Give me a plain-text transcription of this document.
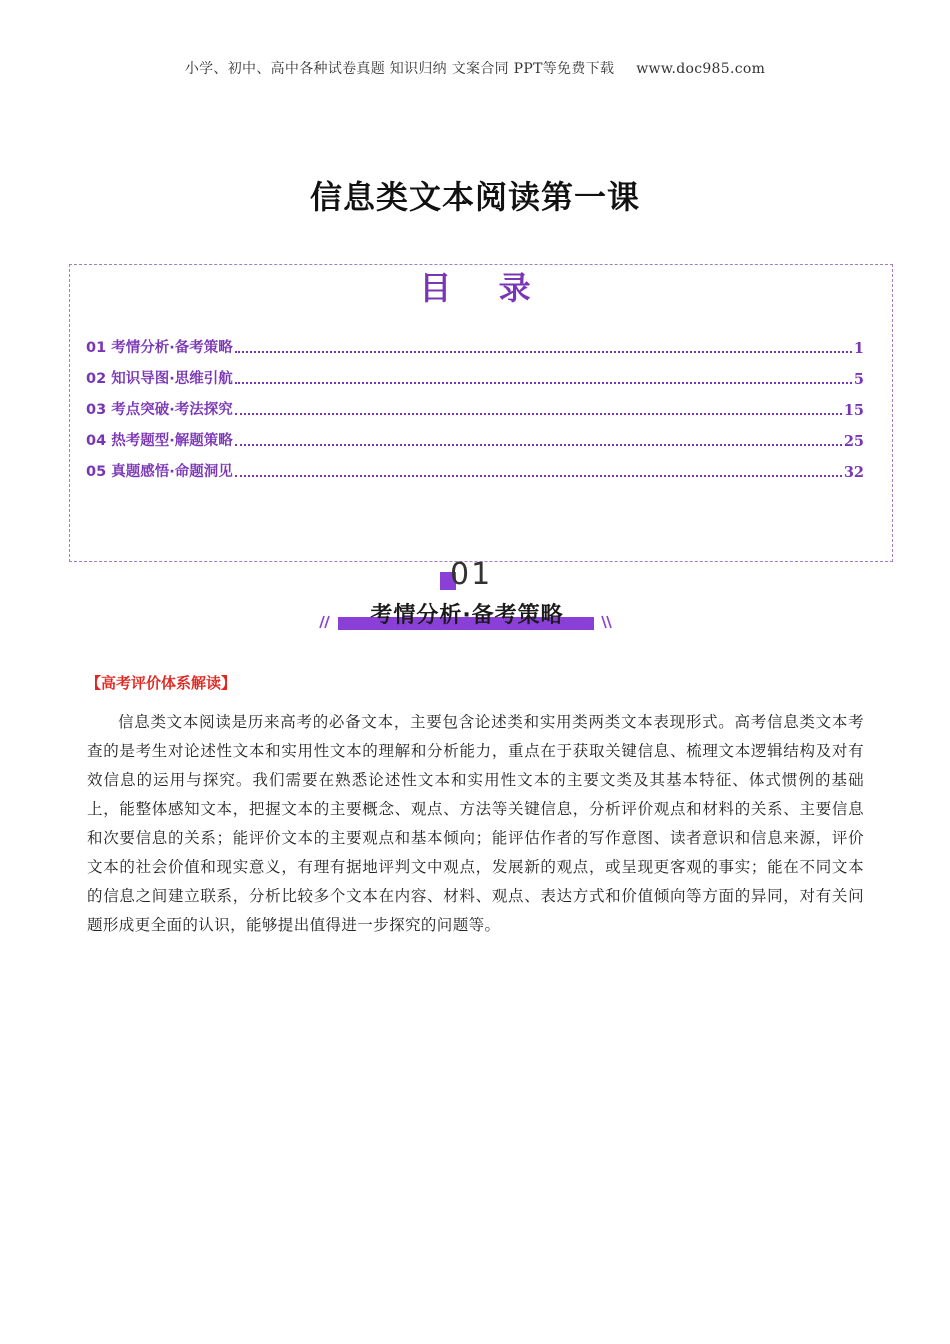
小学、初中、高中各种试卷真题 知识归纳 文案合同 PPT等免费下载 www.doc985.com
信息类文本阅读第一课
目 录
01 考情分析·备考策略	1
02 知识导图·思维引航	5
03 考点突破·考法探究	15
04 热考题型·解题策略	25
05 真题感悟·命题洞见	32
01
考情分析·备考策略
【高考评价体系解读】

信息类文本阅读是历来高考的必备文本，主要包含论述类和实用类两类文本表现形式。高考信息类文本考查的是考生对论述性文本和实用性文本的理解和分析能力，重点在于获取关键信息、梳理文本逻辑结构及对有效信息的运用与探究。我们需要在熟悉论述性文本和实用性文本的主要文类及其基本特征、体式惯例的基础上，能整体感知文本，把握文本的主要概念、观点、方法等关键信息，分析评价观点和材料的关系、主要信息和次要信息的关系；能评价文本的主要观点和基本倾向；能评估作者的写作意图、读者意识和信息来源，评价文本的社会价值和现实意义，有理有据地评判文中观点，发展新的观点，或呈现更客观的事实；能在不同文本的信息之间建立联系，分析比较多个文本在内容、材料、观点、表达方式和价值倾向等方面的异同，对有关问题形成更全面的认识，能够提出值得进一步探究的问题等。
